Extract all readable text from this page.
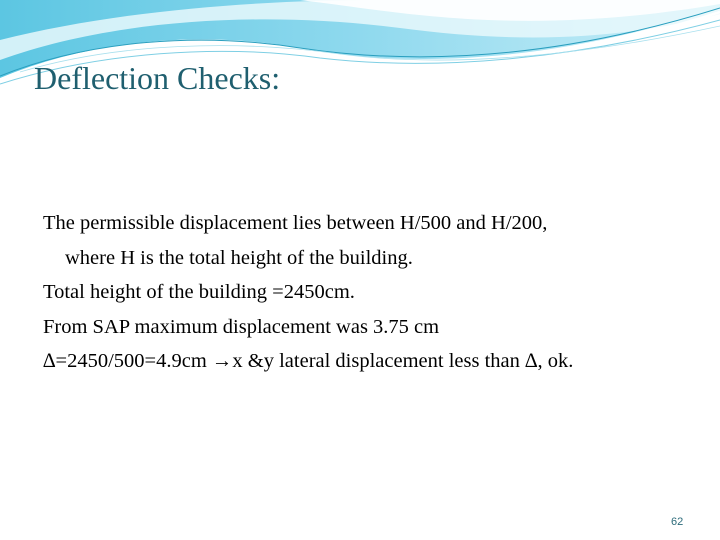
Deflection Checks:

The permissible displacement lies between H/500 and H/200,
where H is the total height of the building.

Total height of the building =2450cm.

From SAP maximum displacement was 3.75 cm

∆=2450/500=4.9cm →x &y lateral displacement less than ∆, ok.

62
